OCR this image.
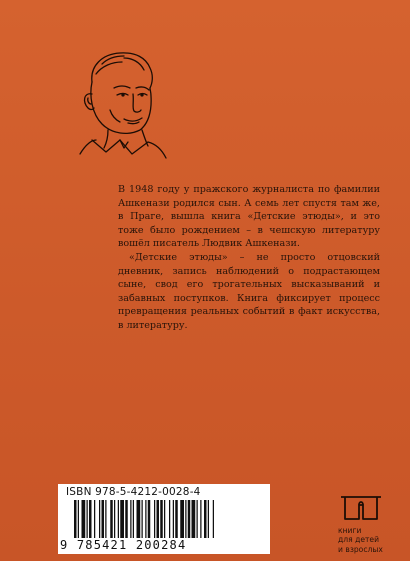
В 1948 году у пражского журналиста по фамилии Ашкенази родился сын. А семь лет спустя там же, в Праге, вышла книга «Детские этюды», и это тоже было рождением – в чешскую литературу вошёл писатель Людвик Ашкенази.

«Детские этюды» – не просто отцовский дневник, запись наблюдений о подрастающем сыне, свод его трогательных высказываний и забавных поступков. Книга фиксирует процесс превращения реальных событий в факт искусства, в литературу.

ISBN 978-5-4212-0028-4
9 785421 200284
книги
для детей
и взрослых
